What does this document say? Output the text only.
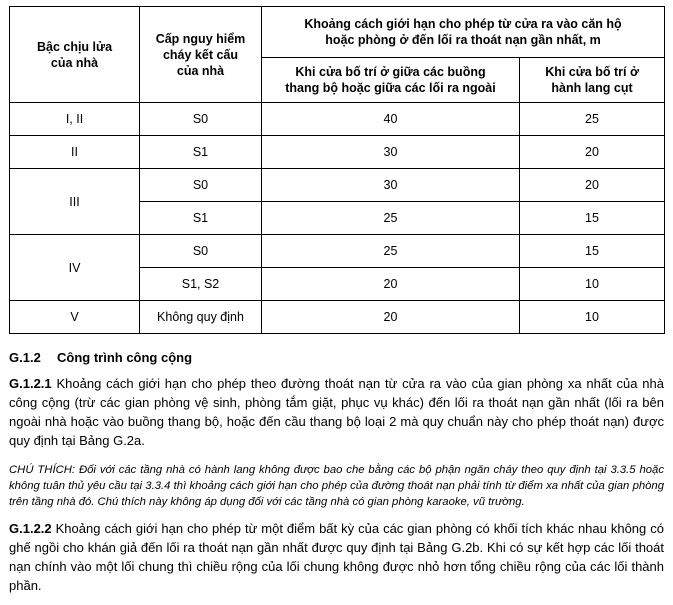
Bậc chịu lửa
của nhà	Cấp nguy hiểm
cháy kết cấu
của nhà	Khoảng cách giới hạn cho phép từ cửa ra vào căn hộ
hoặc phòng ở đến lối ra thoát nạn gần nhất, m	
		Khi cửa bố trí ở giữa các buồng
thang bộ hoặc giữa các lối ra ngoài	Khi cửa bố trí ở
hành lang cụt
I, II	S0	40	25
II	S1	30	20
III	S0	30	20
	S1	25	15
IV	S0	25	15
	S1, S2	20	10
V	Không quy định	20	10
G.1.2 Công trình công cộng
G.1.2.1 Khoảng cách giới hạn cho phép theo đường thoát nạn từ cửa ra vào của gian phòng xa nhất của nhà công cộng (trừ các gian phòng vệ sinh, phòng tắm giặt, phục vụ khác) đến lối ra thoát nạn gần nhất (lối ra bên ngoài nhà hoặc vào buồng thang bộ, hoặc đến cầu thang bộ loại 2 mà quy chuẩn này cho phép thoát nạn) được quy định tại Bảng G.2a.
CHÚ THÍCH: Đối với các tầng nhà có hành lang không được bao che bằng các bộ phận ngăn cháy theo quy định tại 3.3.5 hoặc không tuân thủ yêu cầu tại 3.3.4 thì khoảng cách giới hạn cho phép của đường thoát nạn phải tính từ điểm xa nhất của gian phòng trên tầng nhà đó. Chú thích này không áp dụng đối với các tầng nhà có gian phòng karaoke, vũ trường.
G.1.2.2 Khoảng cách giới hạn cho phép từ một điểm bất kỳ của các gian phòng có khối tích khác nhau không có ghế ngồi cho khán giả đến lối ra thoát nạn gần nhất được quy định tại Bảng G.2b. Khi có sự kết hợp các lối thoát nạn chính vào một lối chung thì chiều rộng của lối chung không được nhỏ hơn tổng chiều rộng của các lối thành phần.
